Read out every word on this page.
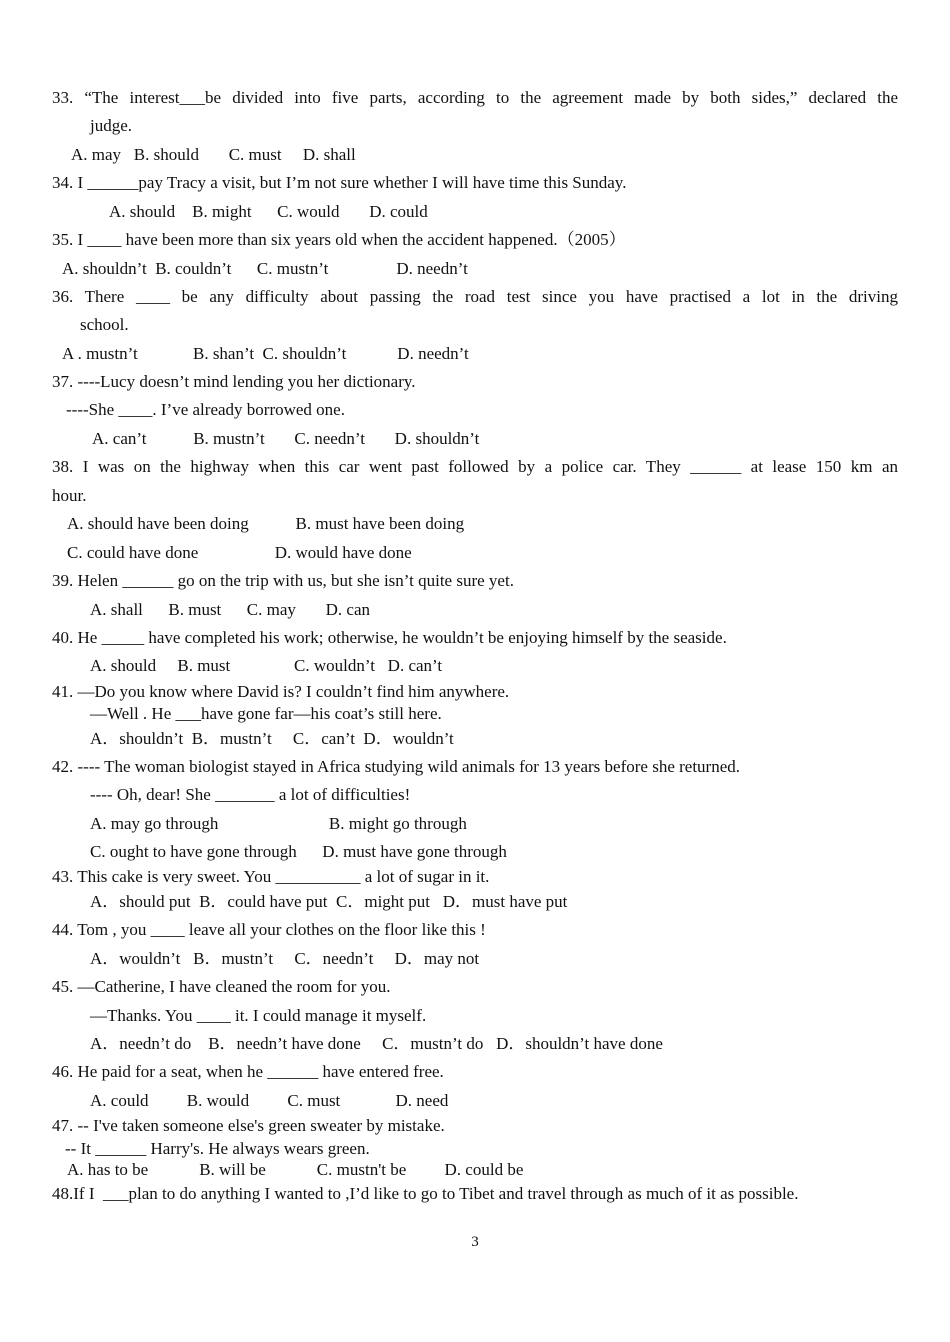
33. “The interest___be divided into five parts, according to the agreement made by both sides,” declared the
judge.
A. may   B. should       C. must     D. shall
34. I ______pay Tracy a visit, but I’m not sure whether I will have time this Sunday.
A. should    B. might      C. would       D. could
35. I ____ have been more than six years old when the accident happened.（2005）
A. shouldn’t  B. couldn’t      C. mustn’t                D. needn’t
36. There ____ be any difficulty about passing the road test since you have practised a lot in the driving
school.
A . mustn’t             B. shan’t  C. shouldn’t            D. needn’t
37. ----Lucy doesn’t mind lending you her dictionary.
----She ____. I’ve already borrowed one.
A. can’t           B. mustn’t       C. needn’t       D. shouldn’t
38. I was on the highway when this car went past followed by a police car. They ______ at lease 150 km an
hour.
A. should have been doing           B. must have been doing
C. could have done                  D. would have done
39. Helen ______ go on the trip with us, but she isn’t quite sure yet.
A. shall      B. must      C. may       D. can
40. He _____ have completed his work; otherwise, he wouldn’t be enjoying himself by the seaside.
A. should     B. must               C. wouldn’t   D. can’t
41. —Do you know where David is? I couldn’t find him anywhere.
—Well . He ___have gone far—his coat’s still here.
A．shouldn’t  B．mustn’t     C．can’t  D．wouldn’t
42. ---- The woman biologist stayed in Africa studying wild animals for 13 years before she returned.
---- Oh, dear! She _______ a lot of difficulties!
A. may go through                          B. might go through
C. ought to have gone through      D. must have gone through
43. This cake is very sweet. You __________ a lot of sugar in it.
A．should put  B．could have put  C．might put   D．must have put
44. Tom , you ____ leave all your clothes on the floor like this !
A．wouldn’t   B．mustn’t     C．needn’t     D．may not
45. —Catherine, I have cleaned the room for you.
—Thanks. You ____ it. I could manage it myself.
A．needn’t do    B．needn’t have done     C．mustn’t do   D．shouldn’t have done
46. He paid for a seat, when he ______ have entered free.
A. could         B. would         C. must             D. need
47. -- I've taken someone else's green sweater by mistake.
-- It ______ Harry's. He always wears green.
A. has to be            B. will be            C. mustn't be         D. could be
48.If I  ___plan to do anything I wanted to ,I’d like to go to Tibet and travel through as much of it as possible.
3
